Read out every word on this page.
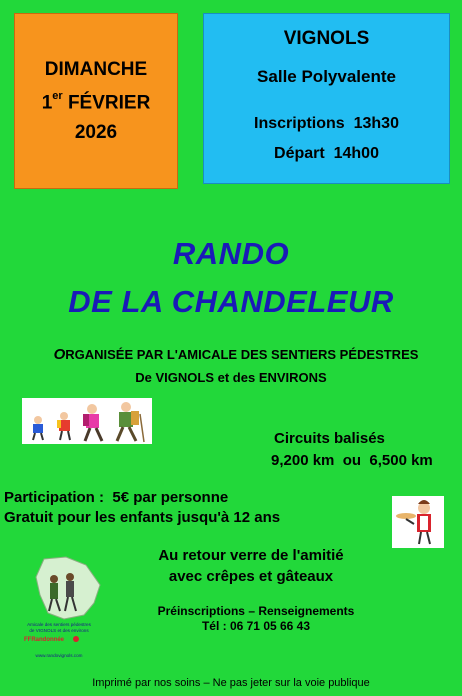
DIMANCHE
1er FÉVRIER
2026
VIGNOLS
Salle Polyvalente
Inscriptions 13h30
Départ 14h00
RANDO
DE LA CHANDELEUR
ORGANISÉE PAR L'AMICALE DES SENTIERS PÉDESTRES
De VIGNOLS et des ENVIRONS
Circuits balisés
9,200 km  ou  6,500 km
Participation :  5€ par personne
Gratuit pour les enfants jusqu'à 12 ans
Amicale des sentiers pédestres
de VIGNOLS et des environs
FFRandonnée
www.randovignols.com
Au retour verre de l'amitié
avec crêpes et gâteaux
Préinscriptions – Renseignements
Tél : 06 71 05 66 43
Imprimé par nos soins – Ne pas jeter sur la voie publique
